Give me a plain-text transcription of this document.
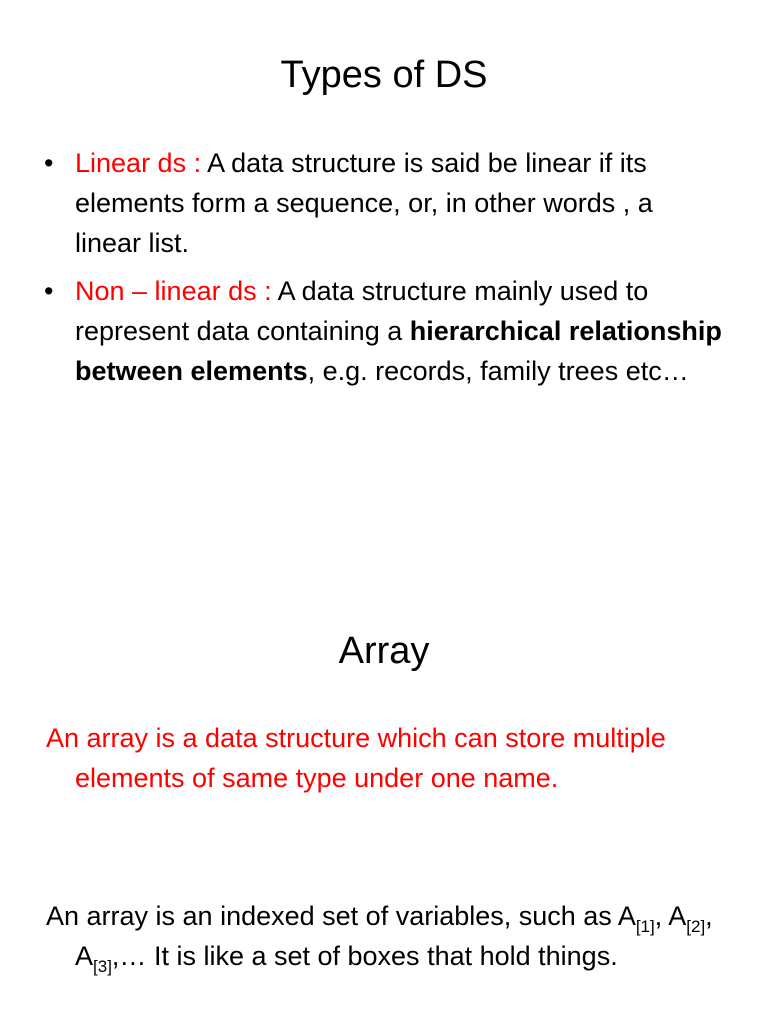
Types of DS
• Linear ds : A data structure is said be linear if its elements form a sequence, or, in other words , a linear list.
• Non – linear ds : A data structure mainly used to represent data containing a hierarchical relationship between elements, e.g. records, family trees etc…
Array
An array is a data structure which can store multiple elements of same type under one name.
An array is an indexed set of variables, such as $A_{[1]}$, $A_{[2]}$, $A_{[3]},\dots$ It is like a set of boxes that hold things.
